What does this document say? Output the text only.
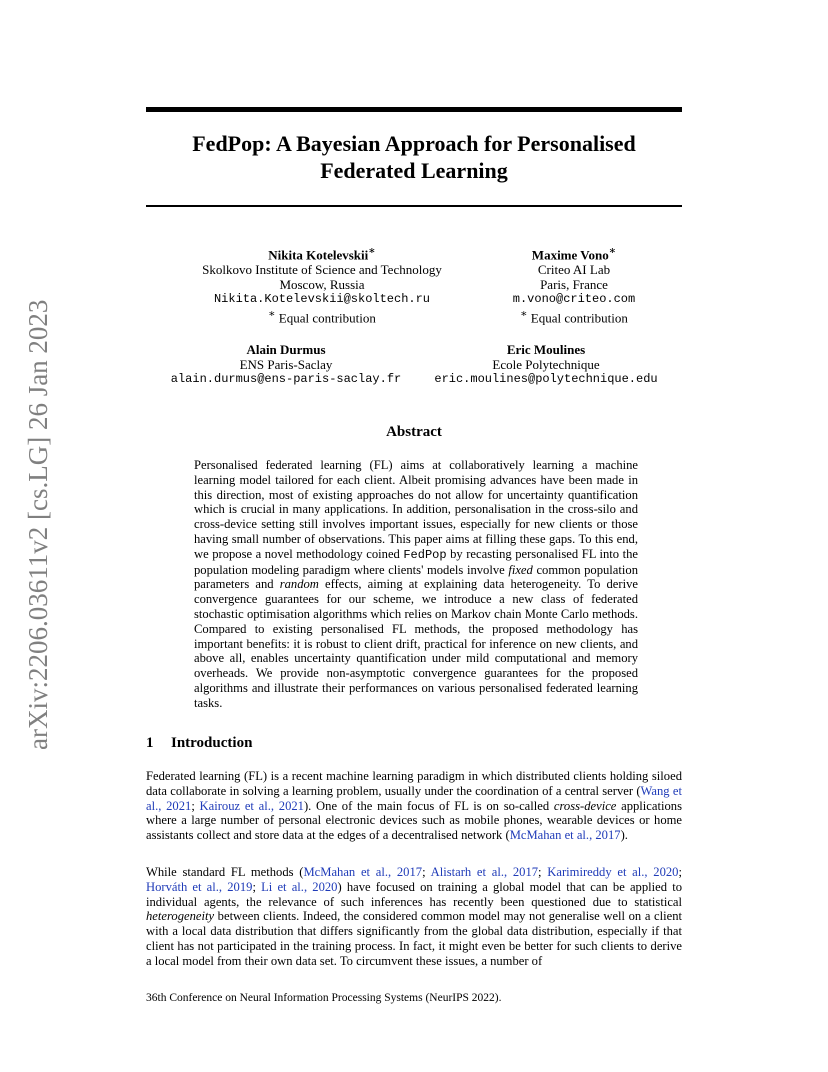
arXiv:2206.03611v2 [cs.LG] 26 Jan 2023
FedPop: A Bayesian Approach for Personalised
Federated Learning
Nikita Kotelevskii∗
Skolkovo Institute of Science and Technology
Moscow, Russia
Nikita.Kotelevskii@skoltech.ru
∗ Equal contribution
Maxime Vono∗
Criteo AI Lab
Paris, France
m.vono@criteo.com
∗ Equal contribution
Alain Durmus
ENS Paris-Saclay
alain.durmus@ens-paris-saclay.fr
Eric Moulines
Ecole Polytechnique
eric.moulines@polytechnique.edu
Abstract

Personalised federated learning (FL) aims at collaboratively learning a machine learning model tailored for each client. Albeit promising advances have been made in this direction, most of existing approaches do not allow for uncertainty quantification which is crucial in many applications. In addition, personalisation in the cross-silo and cross-device setting still involves important issues, especially for new clients or those having small number of observations. This paper aims at filling these gaps. To this end, we propose a novel methodology coined FedPop by recasting personalised FL into the population modeling paradigm where clients' models involve fixed common population parameters and random effects, aiming at explaining data heterogeneity. To derive convergence guarantees for our scheme, we introduce a new class of federated stochastic optimisation algorithms which relies on Markov chain Monte Carlo methods. Compared to existing personalised FL methods, the proposed methodology has important benefits: it is robust to client drift, practical for inference on new clients, and above all, enables uncertainty quantification under mild computational and memory overheads. We provide non-asymptotic convergence guarantees for the proposed algorithms and illustrate their performances on various personalised federated learning tasks.

1 Introduction

Federated learning (FL) is a recent machine learning paradigm in which distributed clients holding siloed data collaborate in solving a learning problem, usually under the coordination of a central server (Wang et al., 2021; Kairouz et al., 2021). One of the main focus of FL is on so-called cross-device applications where a large number of personal electronic devices such as mobile phones, wearable devices or home assistants collect and store data at the edges of a decentralised network (McMahan et al., 2017).

While standard FL methods (McMahan et al., 2017; Alistarh et al., 2017; Karimireddy et al., 2020; Horváth et al., 2019; Li et al., 2020) have focused on training a global model that can be applied to individual agents, the relevance of such inferences has recently been questioned due to statistical heterogeneity between clients. Indeed, the considered common model may not generalise well on a client with a local data distribution that differs significantly from the global data distribution, especially if that client has not participated in the training process. In fact, it might even be better for such clients to derive a local model from their own data set. To circumvent these issues, a number of

36th Conference on Neural Information Processing Systems (NeurIPS 2022).
